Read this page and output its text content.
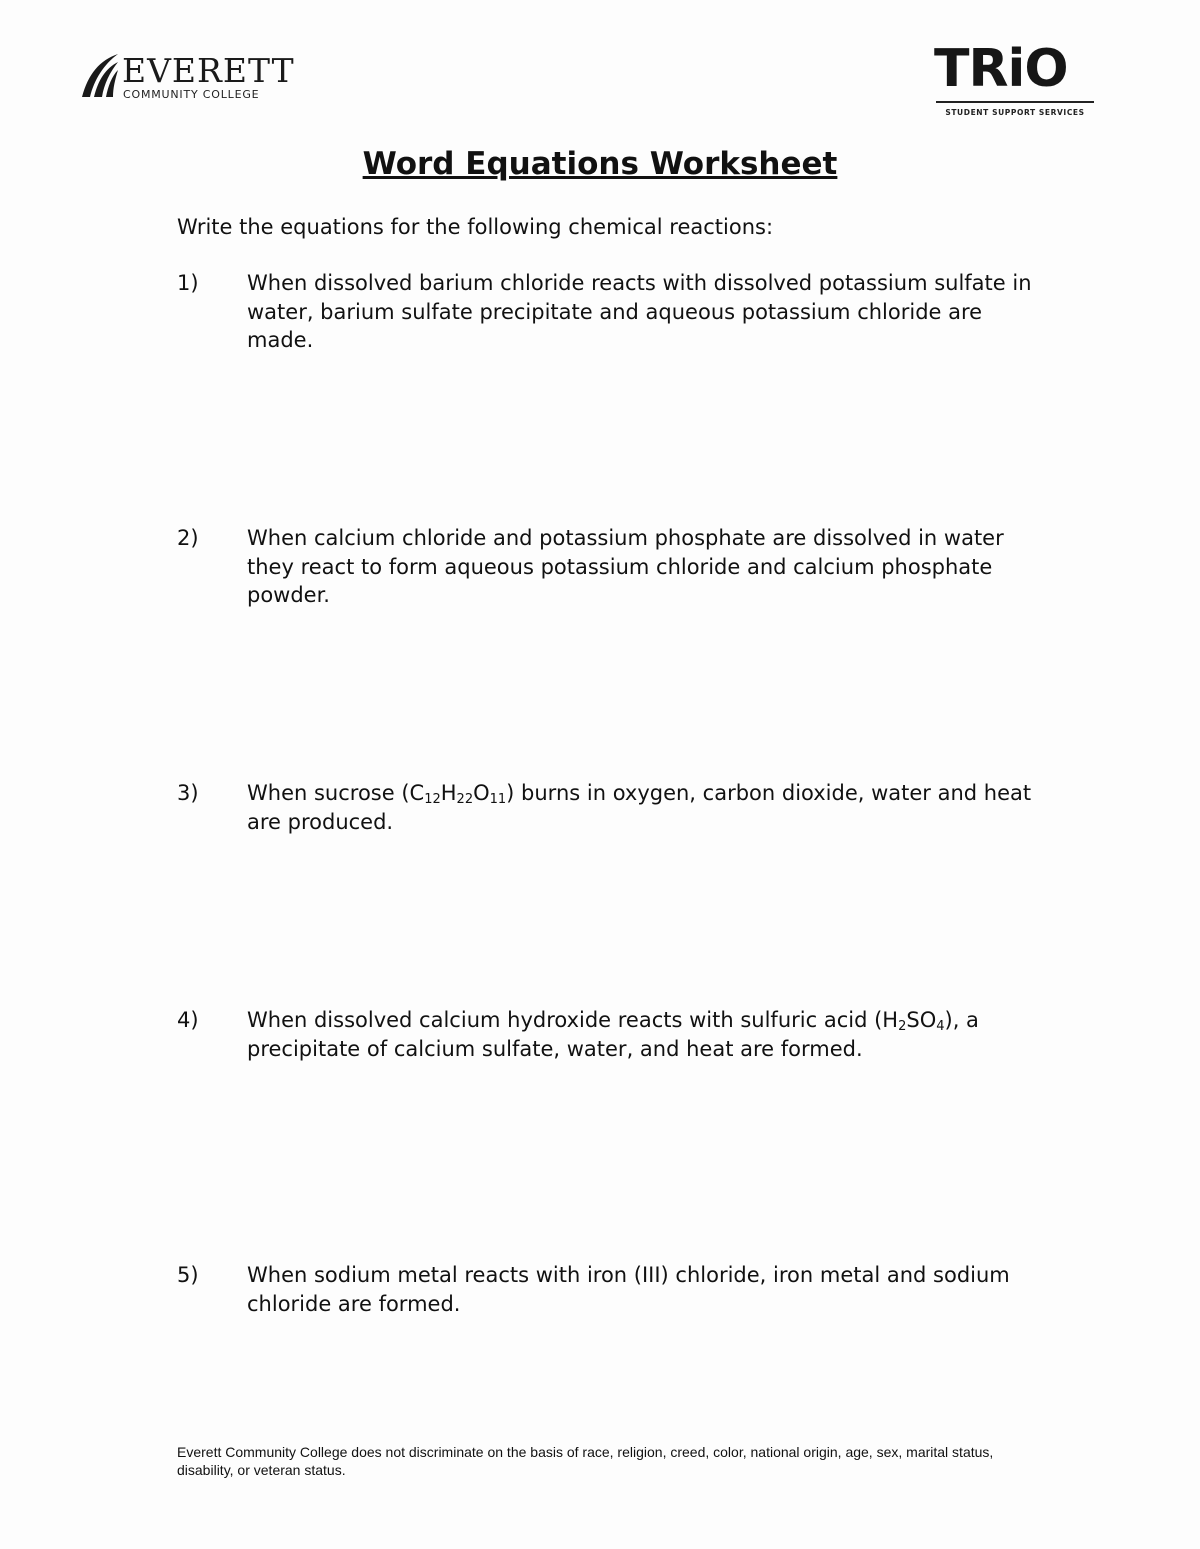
EVERETT
COMMUNITY COLLEGE	TRiO
STUDENT SUPPORT SERVICES
Word Equations Worksheet
Write the equations for the following chemical reactions:
1) When dissolved barium chloride reacts with dissolved potassium sulfate in water, barium sulfate precipitate and aqueous potassium chloride are made.
2) When calcium chloride and potassium phosphate are dissolved in water they react to form aqueous potassium chloride and calcium phosphate powder.
3) When sucrose $(C_{12}H_{22}O_{11})$ burns in oxygen, carbon dioxide, water and heat are produced.
4) When dissolved calcium hydroxide reacts with sulfuric acid $(H_2SO_4)$, a precipitate of calcium sulfate, water, and heat are formed.
5) When sodium metal reacts with iron (III) chloride, iron metal and sodium chloride are formed.
Everett Community College does not discriminate on the basis of race, religion, creed, color, national origin, age, sex, marital status, disability, or veteran status.
